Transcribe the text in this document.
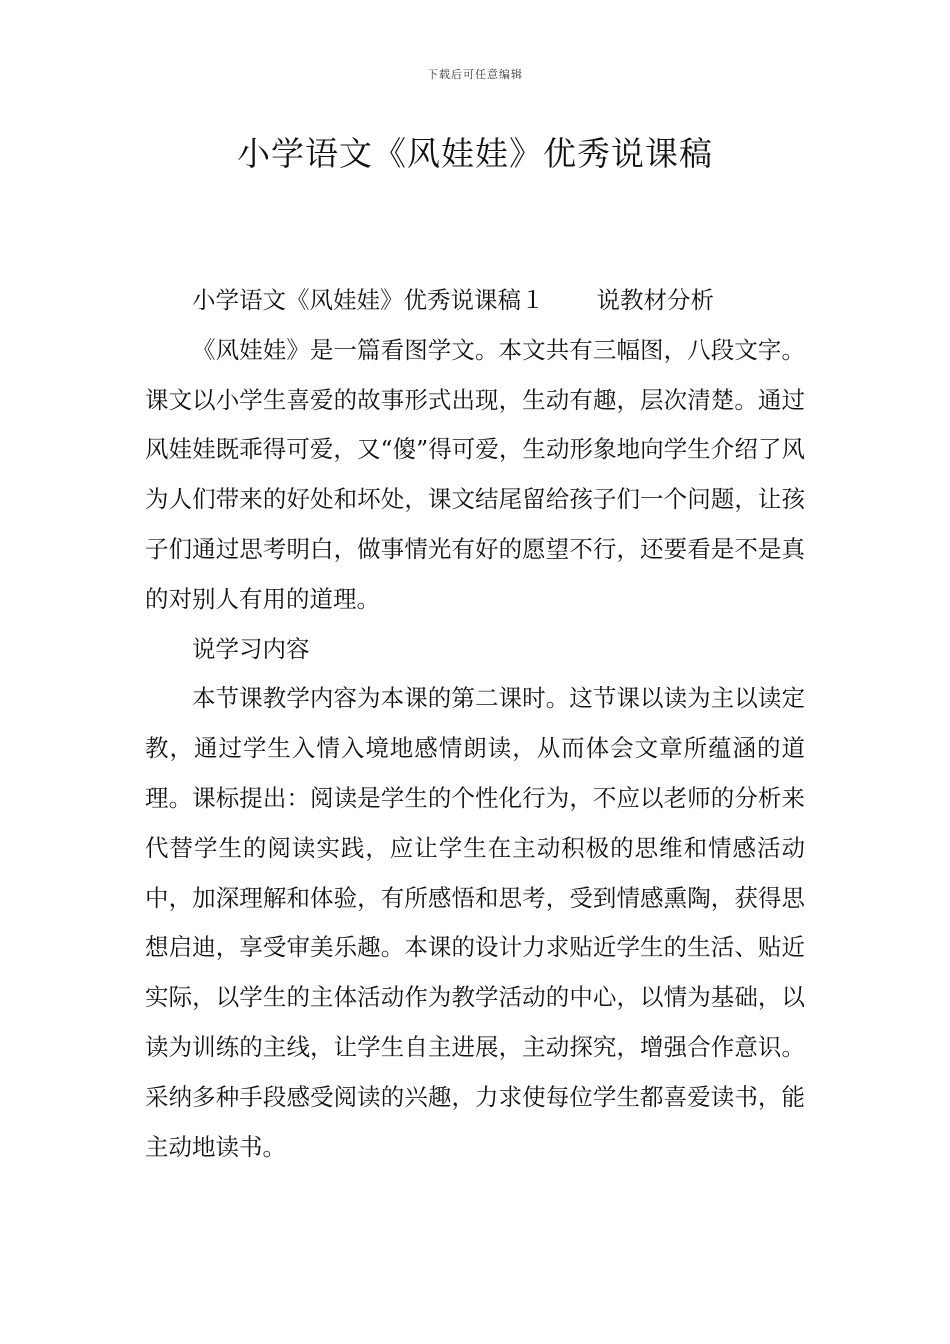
下载后可任意编辑
小学语文《风娃娃》优秀说课稿

小学语文《风娃娃》优秀说课稿１ 说教材分析

《风娃娃》是一篇看图学文。本文共有三幅图，八段文字。课文以小学生喜爱的故事形式出现，生动有趣，层次清楚。通过风娃娃既乖得可爱，又“傻”得可爱，生动形象地向学生介绍了风为人们带来的好处和坏处，课文结尾留给孩子们一个问题，让孩子们通过思考明白，做事情光有好的愿望不行，还要看是不是真的对别人有用的道理。

说学习内容

本节课教学内容为本课的第二课时。这节课以读为主以读定教，通过学生入情入境地感情朗读，从而体会文章所蕴涵的道理。课标提出：阅读是学生的个性化行为，不应以老师的分析来代替学生的阅读实践，应让学生在主动积极的思维和情感活动中，加深理解和体验，有所感悟和思考，受到情感熏陶，获得思想启迪，享受审美乐趣。本课的设计力求贴近学生的生活、贴近实际，以学生的主体活动作为教学活动的中心，以情为基础，以读为训练的主线，让学生自主进展，主动探究，增强合作意识。采纳多种手段感受阅读的兴趣，力求使每位学生都喜爱读书，能主动地读书。
